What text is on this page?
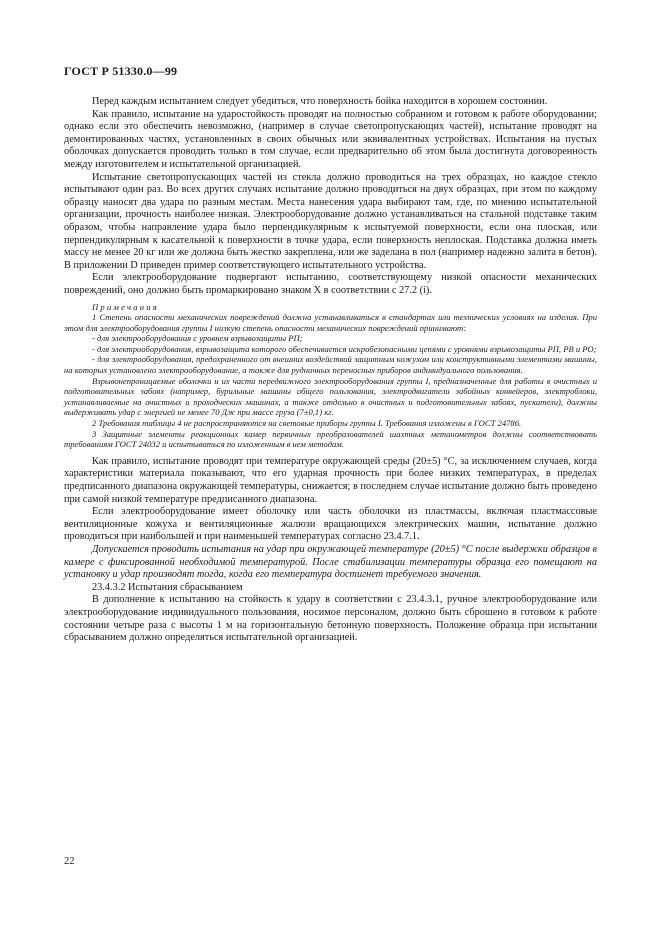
ГОСТ Р 51330.0—99

Перед каждым испытанием следует убедиться, что поверхность бойка находится в хорошем состоянии.

Как правило, испытание на ударостойкость проводят на полностью собранном и готовом к работе оборудовании; однако если это обеспечить невозможно, (например в случае светопропускающих частей), испытание проводят на демонтированных частях, установленных в своих обычных или эквивалентных устройствах. Испытания на пустых оболочках допускается проводить только в том случае, если предварительно об этом была достигнута договоренность между изготовителем и испытательной организацией.

Испытание светопропускающих частей из стекла должно проводиться на трех образцах, но каждое стекло испытывают один раз. Во всех других случаях испытание должно проводиться на двух образцах, при этом по каждому образцу наносят два удара по разным местам. Места нанесения удара выбирают там, где, по мнению испытательной организации, прочность наиболее низкая. Электрооборудование должно устанавливаться на стальной подставке таким образом, чтобы направление удара было перпендикулярным к испытуемой поверхности, если она плоская, или перпендикулярным к касательной к поверхности в точке удара, если поверхность неплоская. Подставка должна иметь массу не менее 20 кг или же должна быть жестко закреплена, или же заделана в пол (например надежно залита в бетон). В приложении D приведен пример соответствующего испытательного устройства.

Если электрооборудование подвергают испытанию, соответствующему низкой опасности механических повреждений, оно должно быть промаркировано знаком X в соответствии с 27.2 (i).

Примечания

1 Степень опасности механических повреждений должна устанавливаться в стандартах или технических условиях на изделия. При этом для электрооборудования группы I низкую степень опасности механических повреждений принимают:

- для электрооборудования с уровнем взрывозащиты РП;

- для электрооборудования, взрывозащита которого обеспечивается искробезопасными цепями с уровнями взрывозащиты РП, РВ и РО;

- для электрооборудования, предохраненного от внешних воздействий защитным кожухом или конструктивными элементами машины, на которых установлено электрооборудование, а также для рудничных переносных приборов индивидуального пользования.

Взрывонепроницаемые оболочки и их части передвижного электрооборудования группы I, предназначенные для работы в очистных и подготовительных забоях (например, бурильные машины общего пользования, электродвигатели забойных конвейеров, электроблоки, устанавливаемые на очистных и проходческих машинах, а также отдельно в очистных и подготовительных забоях, пускатели), должны выдерживать удар с энергией не менее 70 Дж при массе груза (7±0,1) кг.

2 Требования таблицы 4 не распространяются на световые приборы группы I. Требования изложены в ГОСТ 24786.

3 Защитные элементы реакционных камер первичных преобразователей шахтных метанометров должны соответствовать требованиям ГОСТ 24032 и испытываться по изложенным в нем методам.

Как правило, испытание проводят при температуре окружающей среды (20±5) °С, за исключением случаев, когда характеристики материала показывают, что его ударная прочность при более низких температурах, в пределах предписанного диапазона окружающей температуры, снижается; в последнем случае испытание должно быть проведено при самой низкой температуре предписанного диапазона.

Если электрооборудование имеет оболочку или часть оболочки из пластмассы, включая пластмассовые вентиляционные кожуха и вентиляционные жалюзи вращающихся электрических машин, испытание должно проводиться при наибольшей и при наименьшей температурах согласно 23.4.7.1.

Допускается проводить испытания на удар при окружающей температуре (20±5) °С после выдержки образцов в камере с фиксированной необходимой температурой. После стабилизации температуры образца его помещают на установку и удар производят тогда, когда его температура достигнет требуемого значения.

23.4.3.2 Испытания сбрасыванием

В дополнение к испытанию на стойкость к удару в соответствии с 23.4.3.1, ручное электрооборудование или электрооборудование индивидуального пользования, носимое персоналом, должно быть сброшено в готовом к работе состоянии четыре раза с высоты 1 м на горизонтальную бетонную поверхность. Положение образца при испытании сбрасыванием должно определяться испытательной организацией.

22
